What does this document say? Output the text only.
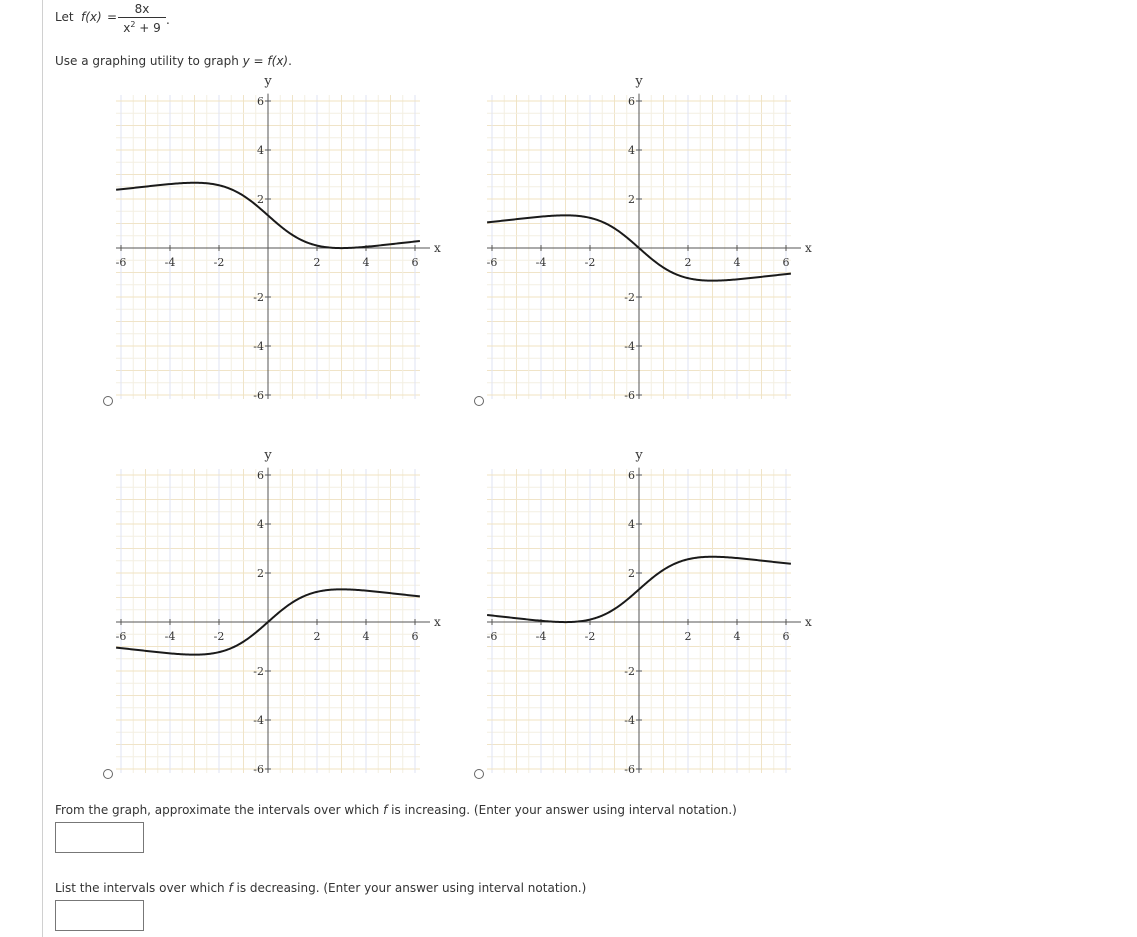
Let $f(x) = \frac{8x}{x^2 + 9}$ .
Use a graphing utility to graph y = f(x).
-6	-4	-2	2	4	6
6
4
2
-2
-4
-6
x
y
-6	-4	-2	2	4	6
6
4
2
-2
-4
-6
x
y
-6	-4	-2	2	4	6
6
4
2
-2
-4
-6
x
y
-6	-4	-2	2	4	6
6
4
2
-2
-4
-6
x
y
From the graph, approximate the intervals over which f is increasing. (Enter your answer using interval notation.)
List the intervals over which f is decreasing. (Enter your answer using interval notation.)
